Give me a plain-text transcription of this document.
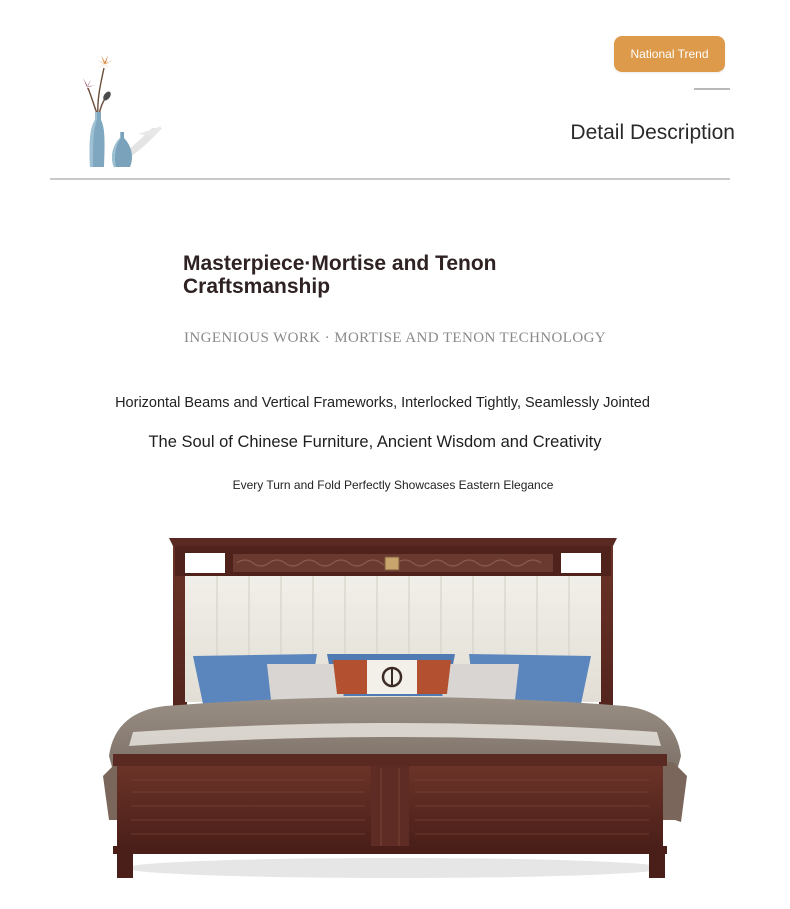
National Trend
Detail Description
Masterpiece·Mortise and Tenon Craftsmanship
INGENIOUS WORK · MORTISE AND TENON TECHNOLOGY
Horizontal Beams and Vertical Frameworks, Interlocked Tightly, Seamlessly Jointed
The Soul of Chinese Furniture, Ancient Wisdom and Creativity
Every Turn and Fold Perfectly Showcases Eastern Elegance
